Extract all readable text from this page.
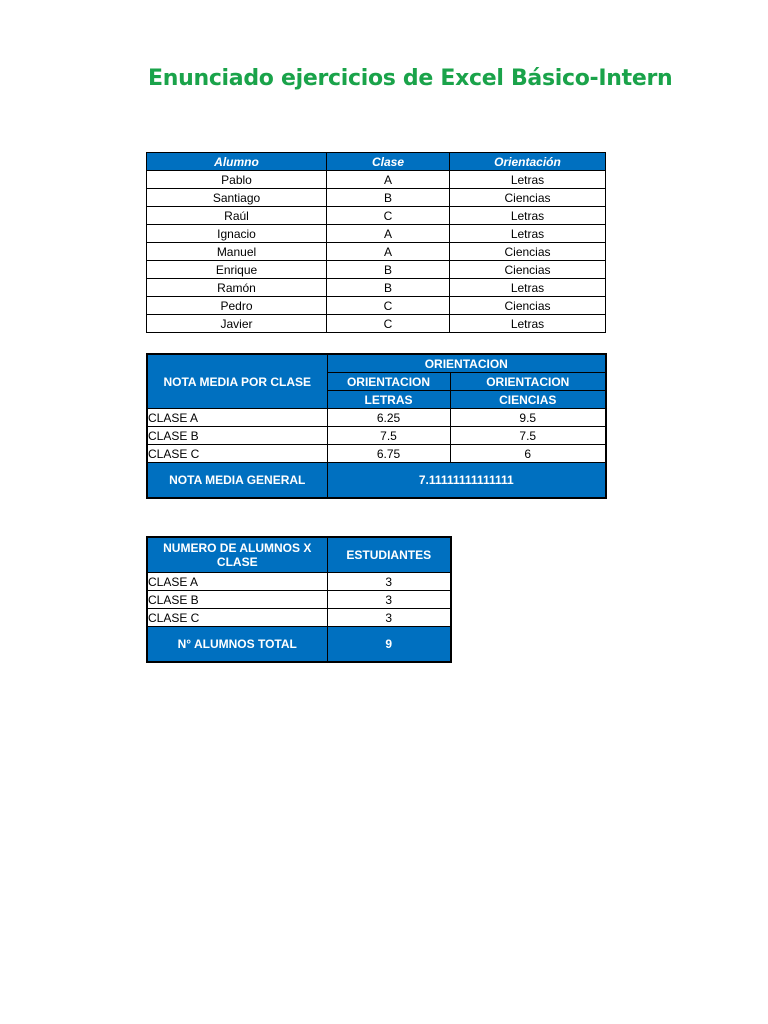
Enunciado ejercicios de Excel Básico-Intern
Alumno	Clase	Orientación
Pablo	A	Letras
Santiago	B	Ciencias
Raúl	C	Letras
Ignacio	A	Letras
Manuel	A	Ciencias
Enrique	B	Ciencias
Ramón	B	Letras
Pedro	C	Ciencias
Javier	C	Letras
NOTA MEDIA POR CLASE	ORIENTACION	
	ORIENTACION	ORIENTACION
	LETRAS	CIENCIAS
CLASE A	6.25	9.5
CLASE B	7.5	7.5
CLASE C	6.75	6
NOTA MEDIA GENERAL	7.11111111111111	
NUMERO DE ALUMNOS X CLASE	ESTUDIANTES
CLASE A	3
CLASE B	3
CLASE C	3
N° ALUMNOS TOTAL	9
